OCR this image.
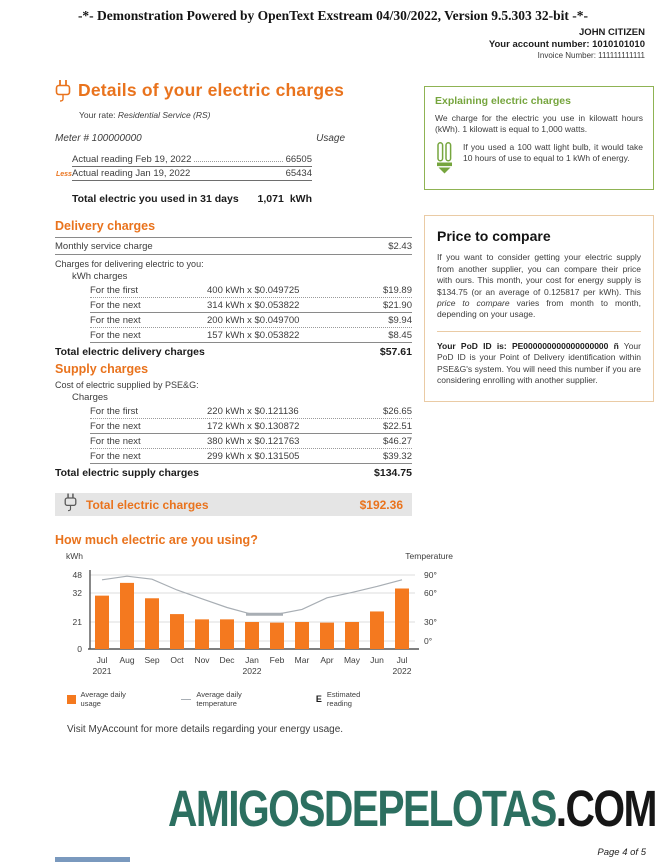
-*- Demonstration Powered by OpenText Exstream 04/30/2022, Version 9.5.303 32-bit -*-
JOHN CITIZEN
Your account number: 1010101010
Invoice Number: 111111111111
Details of your electric charges
Your rate: Residential Service (RS)
Meter # 100000000	Usage
Actual reading Feb 19, 2022	66505
Less Actual reading Jan 19, 2022	65434
Total electric you used in 31 days 1,071 kWh
Delivery charges
Monthly service charge	$2.43
Charges for delivering electric to you:
kWh charges
For the first	400 kWh x $0.049725	$19.89
For the next	314 kWh x $0.053822	$21.90
For the next	200 kWh x $0.049700	$9.94
For the next	157 kWh x $0.053822	$8.45
Total electric delivery charges	$57.61
Supply charges
Cost of electric supplied by PSE&G:
Charges
For the first	220 kWh x $0.121136	$26.65
For the next	172 kWh x $0.130872	$22.51
For the next	380 kWh x $0.121763	$46.27
For the next	299 kWh x $0.131505	$39.32
Total electric supply charges	$134.75
Total electric charges	$192.36
How much electric are you using?
kWh	Temperature
48
32
21
0
90°
60°
30°
0°
Jul Aug Sep Oct Nov Dec Jan Feb Mar Apr May Jun Jul
2021	2022	2022
Average daily usage
Average daily temperature	E Estimated reading
Visit MyAccount for more details regarding your energy usage.
Explaining electric charges

We charge for the electric you use in kilowatt hours (kWh). 1 kilowatt is equal to 1,000 watts.

If you used a 100 watt light bulb, it would take 10 hours of use to equal to 1 kWh of energy.

Price to compare

If you want to consider getting your electric supply from another supplier, you can compare their price with ours. This month, your cost for energy supply is $134.75 (or an average of 0.125817 per kWh). This price to compare varies from month to month, depending on your usage.

Your PoD ID is: PE000000000000000000 ñ Your PoD ID is your Point of Delivery identification within PSE&G's system. You will need this number if you are considering enrolling with another supplier.

AMIGOSDEPELOTAS.COM
Page 4 of 5
